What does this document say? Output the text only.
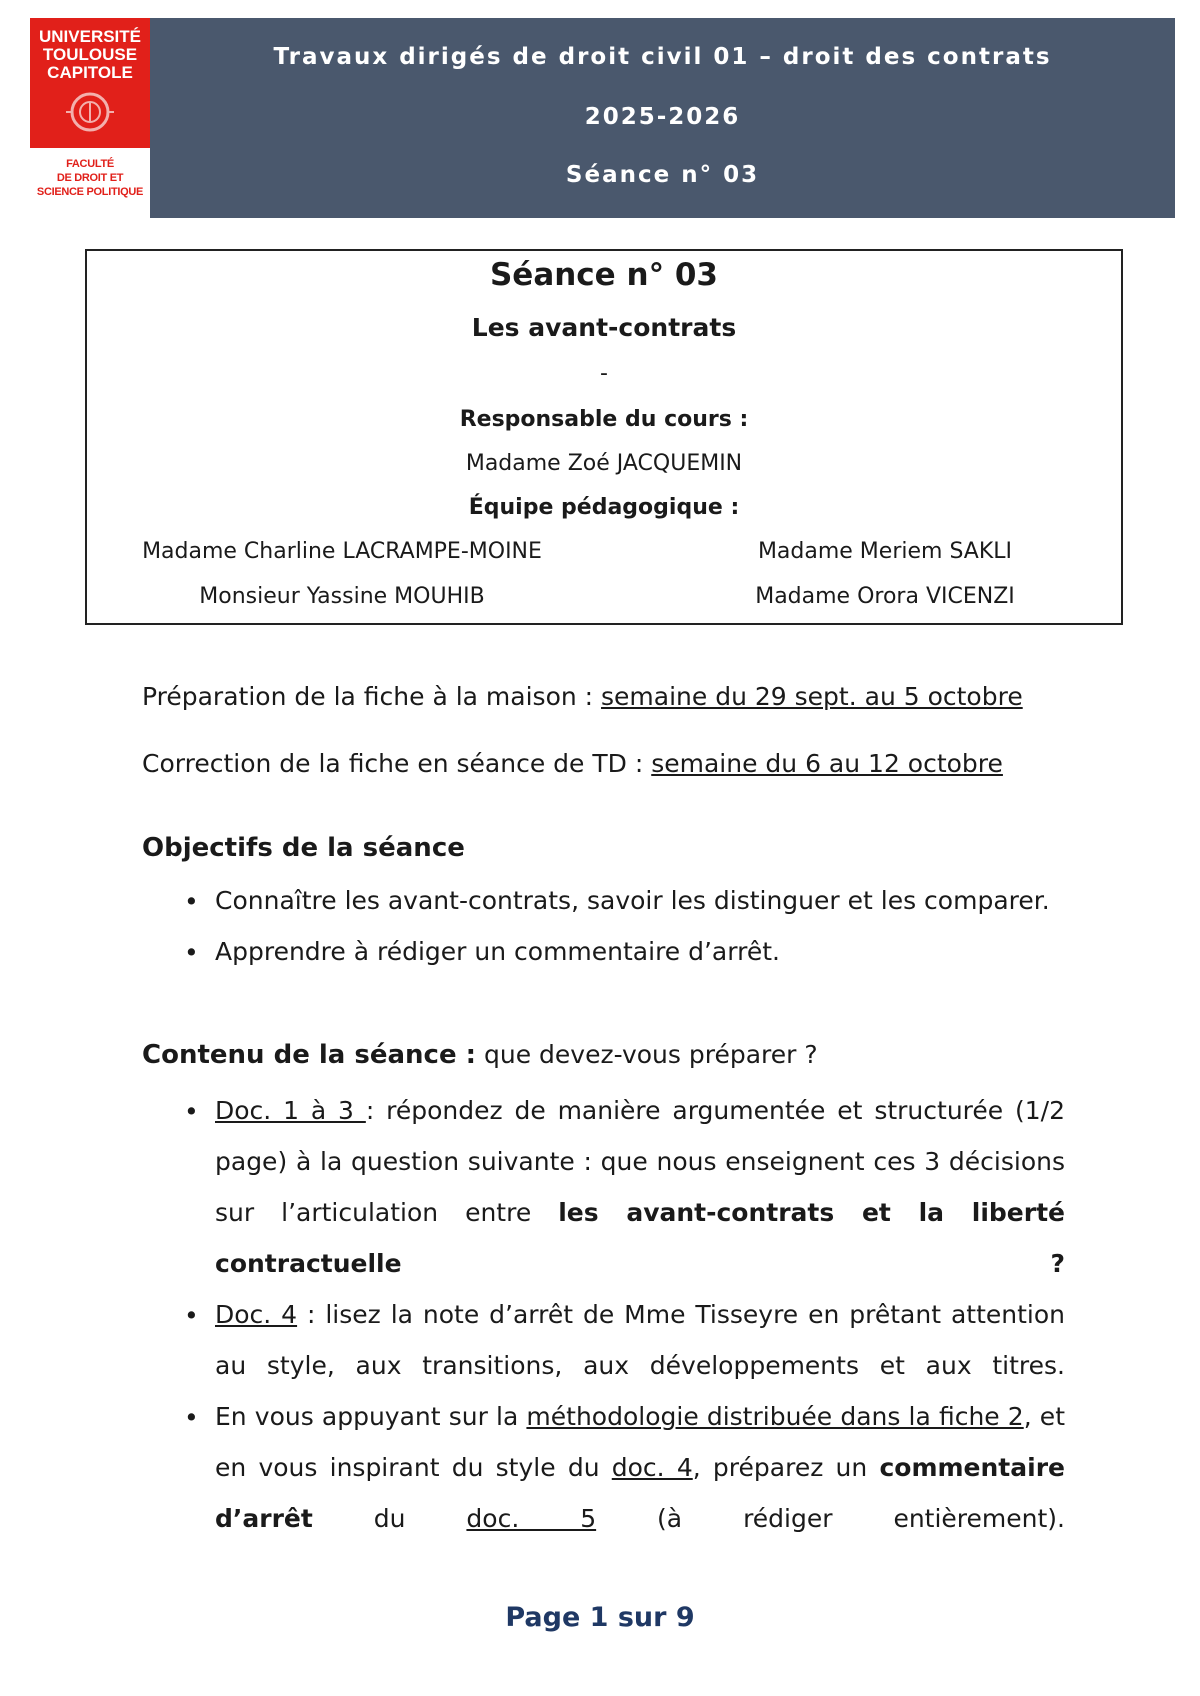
UNIVERSITÉ
TOULOUSE
CAPITOLE
FACULTÉ
DE DROIT ET
SCIENCE POLITIQUE
Travaux dirigés de droit civil 01 – droit des contrats
2025-2026
Séance n° 03
Séance n° 03
Les avant-contrats
-
Responsable du cours :
Madame Zoé JACQUEMIN
Équipe pédagogique :
Madame Charline LACRAMPE-MOINE	Madame Meriem SAKLI
Monsieur Yassine MOUHIB	Madame Orora VICENZI
Préparation de la fiche à la maison : semaine du 29 sept. au 5 octobre
Correction de la fiche en séance de TD : semaine du 6 au 12 octobre
Objectifs de la séance
• Connaître les avant-contrats, savoir les distinguer et les comparer.
• Apprendre à rédiger un commentaire d’arrêt.
Contenu de la séance : que devez-vous préparer ?
• Doc. 1 à 3 : répondez de manière argumentée et structurée (1/2 page) à la question suivante : que nous enseignent ces 3 décisions sur l’articulation entre les avant-contrats et la liberté contractuelle ?
• Doc. 4 : lisez la note d’arrêt de Mme Tisseyre en prêtant attention au style, aux transitions, aux développements et aux titres.
• En vous appuyant sur la méthodologie distribuée dans la fiche 2, et en vous inspirant du style du doc. 4, préparez un commentaire d’arrêt du doc. 5 (à rédiger entièrement).
Page 1 sur 9
